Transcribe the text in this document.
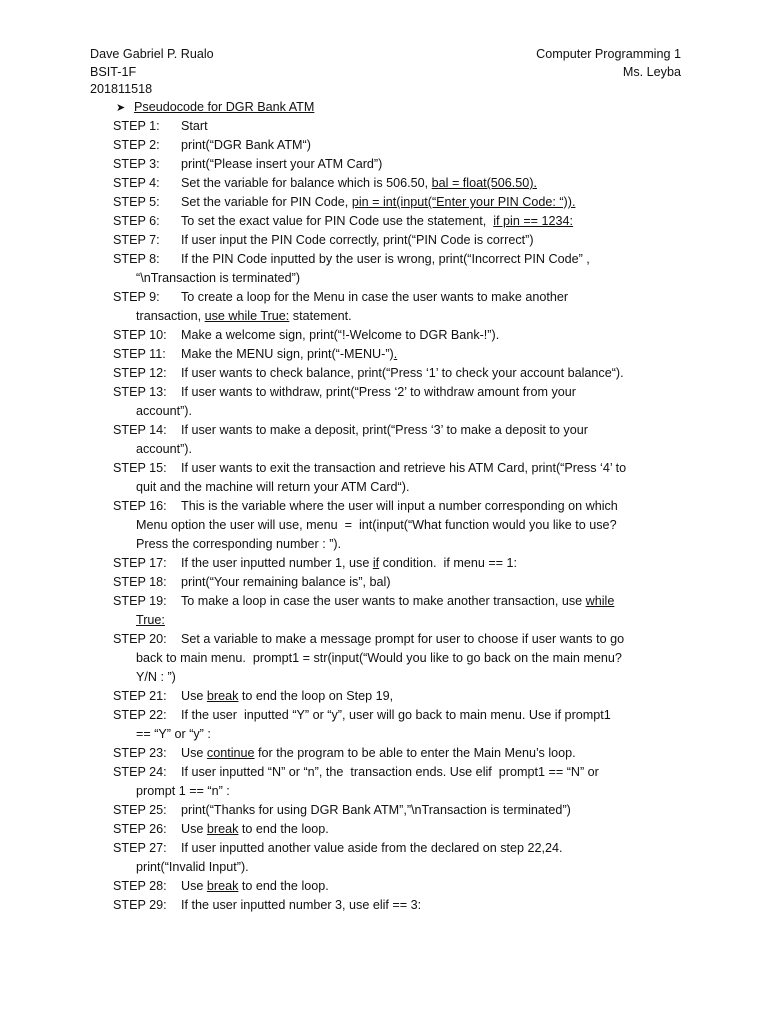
Dave Gabriel P. Rualo
BSIT-1F
201811518
Computer Programming 1
Ms. Leyba
➤ Pseudocode for DGR Bank ATM
STEP 1: Start
STEP 2: print(“DGR Bank ATM“)
STEP 3: print(“Please insert your ATM Card”)
STEP 4: Set the variable for balance which is 506.50, bal = float(506.50).
STEP 5: Set the variable for PIN Code, pin = int(input(“Enter your PIN Code: “)).
STEP 6: To set the exact value for PIN Code use the statement,  if pin == 1234:
STEP 7: If user input the PIN Code correctly, print(“PIN Code is correct”)
STEP 8: If the PIN Code inputted by the user is wrong, print(“Incorrect PIN Code” ,
“\nTransaction is terminated”)
STEP 9: To create a loop for the Menu in case the user wants to make another
transaction, use while True: statement.
STEP 10: Make a welcome sign, print(“!-Welcome to DGR Bank-!”).
STEP 11: Make the MENU sign, print(“-MENU-”).
STEP 12: If user wants to check balance, print(“Press ‘1’ to check your account balance“).
STEP 13: If user wants to withdraw, print(“Press ‘2’ to withdraw amount from your
account”).
STEP 14: If user wants to make a deposit, print(“Press ‘3’ to make a deposit to your
account”).
STEP 15: If user wants to exit the transaction and retrieve his ATM Card, print(“Press ‘4’ to
quit and the machine will return your ATM Card“).
STEP 16: This is the variable where the user will input a number corresponding on which
Menu option the user will use, menu  =  int(input(“What function would you like to use?
Press the corresponding number : ”).
STEP 17: If the user inputted number 1, use if condition.  if menu == 1:
STEP 18: print(“Your remaining balance is”, bal)
STEP 19: To make a loop in case the user wants to make another transaction, use while
True:
STEP 20: Set a variable to make a message prompt for user to choose if user wants to go
back to main menu.  prompt1 = str(input(“Would you like to go back on the main menu?
Y/N : ”)
STEP 21: Use break to end the loop on Step 19,
STEP 22: If the user  inputted “Y” or “y”, user will go back to main menu. Use if prompt1
== “Y” or “y” :
STEP 23: Use continue for the program to be able to enter the Main Menu’s loop.
STEP 24: If user inputted “N” or “n”, the  transaction ends. Use elif  prompt1 == “N” or
prompt 1 == “n” :
STEP 25: print(“Thanks for using DGR Bank ATM”,”\nTransaction is terminated”)
STEP 26: Use break to end the loop.
STEP 27: If user inputted another value aside from the declared on step 22,24.
print(“Invalid Input”).
STEP 28: Use break to end the loop.
STEP 29: If the user inputted number 3, use elif == 3:
